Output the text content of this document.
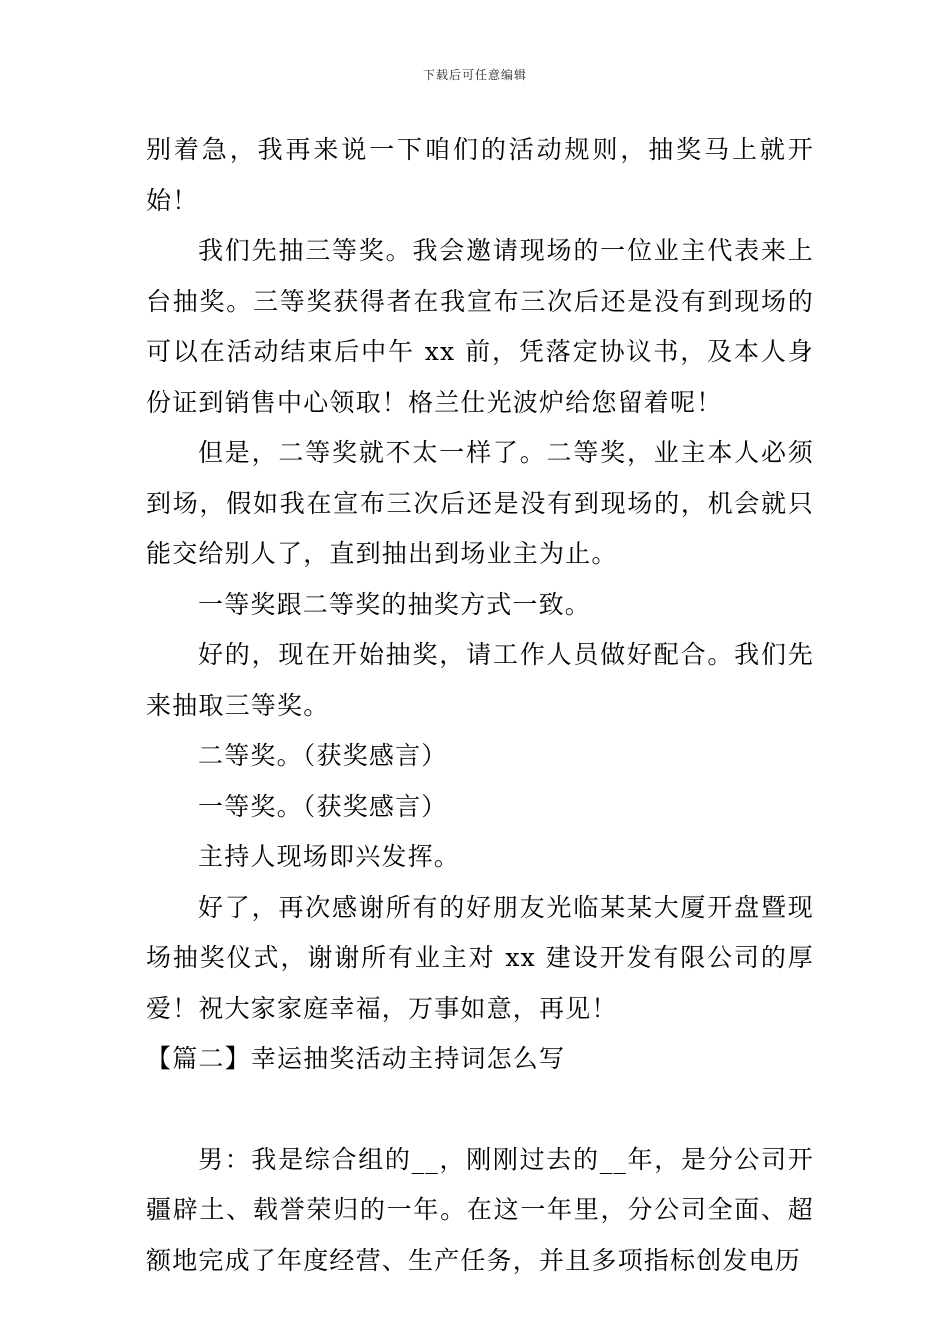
下载后可任意编辑

别着急，我再来说一下咱们的活动规则，抽奖马上就开始！

我们先抽三等奖。我会邀请现场的一位业主代表来上台抽奖。三等奖获得者在我宣布三次后还是没有到现场的可以在活动结束后中午 xx 前，凭落定协议书，及本人身份证到销售中心领取！格兰仕光波炉给您留着呢！

但是，二等奖就不太一样了。二等奖，业主本人必须到场，假如我在宣布三次后还是没有到现场的，机会就只能交给别人了，直到抽出到场业主为止。

一等奖跟二等奖的抽奖方式一致。

好的，现在开始抽奖，请工作人员做好配合。我们先来抽取三等奖。

二等奖。（获奖感言）

一等奖。（获奖感言）

主持人现场即兴发挥。

好了，再次感谢所有的好朋友光临某某大厦开盘暨现场抽奖仪式，谢谢所有业主对 xx 建设开发有限公司的厚爱！祝大家家庭幸福，万事如意，再见！

【篇二】幸运抽奖活动主持词怎么写

男：我是综合组的__，刚刚过去的__年，是分公司开疆辟土、载誉荣归的一年。在这一年里，分公司全面、超额地完成了年度经营、生产任务，并且多项指标创发电历
